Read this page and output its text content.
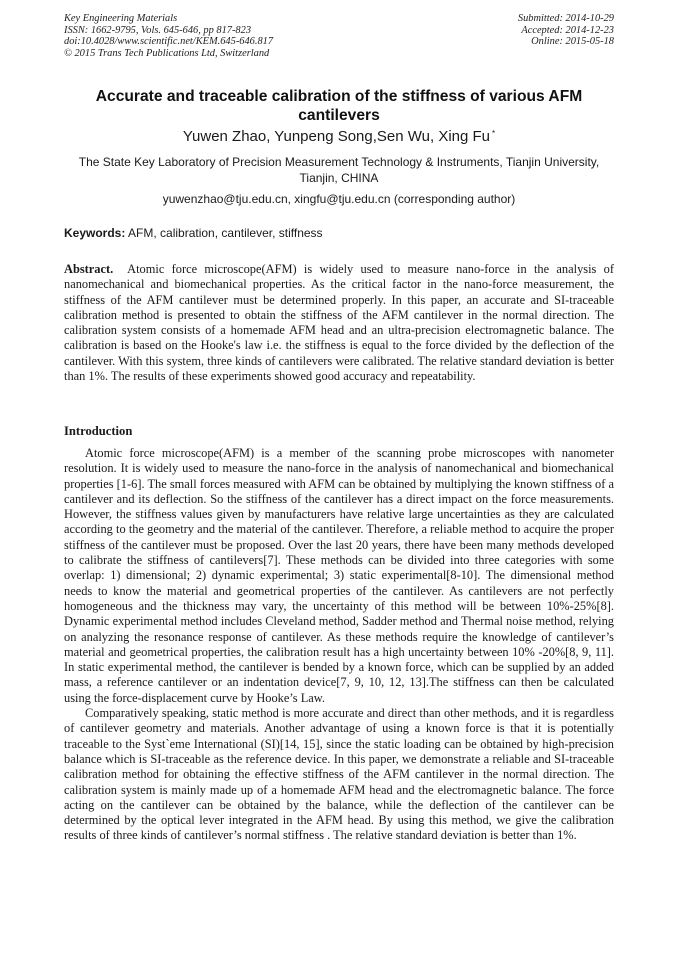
Key Engineering Materials
ISSN: 1662-9795, Vols. 645-646, pp 817-823
doi:10.4028/www.scientific.net/KEM.645-646.817
© 2015 Trans Tech Publications Ltd, Switzerland
Submitted: 2014-10-29
Accepted: 2014-12-23
Online: 2015-05-18
Accurate and traceable calibration of the stiffness of various AFM cantilevers
Yuwen Zhao, Yunpeng Song,Sen Wu, Xing Fu *
The State Key Laboratory of Precision Measurement Technology & Instruments, Tianjin University, Tianjin, CHINA
yuwenzhao@tju.edu.cn, xingfu@tju.edu.cn (corresponding author)
Keywords: AFM, calibration, cantilever, stiffness

Abstract. Atomic force microscope(AFM) is widely used to measure nano-force in the analysis of nanomechanical and biomechanical properties. As the critical factor in the nano-force measurement, the stiffness of the AFM cantilever must be determined properly. In this paper, an accurate and SI-traceable calibration method is presented to obtain the stiffness of the AFM cantilever in the normal direction. The calibration system consists of a homemade AFM head and an ultra-precision electromagnetic balance. The calibration is based on the Hooke's law i.e. the stiffness is equal to the force divided by the deflection of the cantilever. With this system, three kinds of cantilevers were calibrated. The relative standard deviation is better than 1%. The results of these experiments showed good accuracy and repeatability.

Introduction

Atomic force microscope(AFM) is a member of the scanning probe microscopes with nanometer resolution. It is widely used to measure the nano-force in the analysis of nanomechanical and biomechanical properties [1-6]. The small forces measured with AFM can be obtained by multiplying the known stiffness of a cantilever and its deflection. So the stiffness of the cantilever has a direct impact on the force measurements. However, the stiffness values given by manufacturers have relative large uncertainties as they are calculated according to the geometry and the material of the cantilever. Therefore, a reliable method to acquire the proper stiffness of the cantilever must be proposed. Over the last 20 years, there have been many methods developed to calibrate the stiffness of cantilevers[7]. These methods can be divided into three categories with some overlap: 1) dimensional; 2) dynamic experimental; 3) static experimental[8-10]. The dimensional method needs to know the material and geometrical properties of the cantilever. As cantilevers are not perfectly homogeneous and the thickness may vary, the uncertainty of this method will be between 10%-25%[8]. Dynamic experimental method includes Cleveland method, Sadder method and Thermal noise method, relying on analyzing the resonance response of cantilever. As these methods require the knowledge of cantilever’s material and geometrical properties, the calibration result has a high uncertainty between 10% -20%[8, 9, 11]. In static experimental method, the cantilever is bended by a known force, which can be supplied by an added mass, a reference cantilever or an indentation device[7, 9, 10, 12, 13].The stiffness can then be calculated using the force-displacement curve by Hooke’s Law.

Comparatively speaking, static method is more accurate and direct than other methods, and it is regardless of cantilever geometry and materials. Another advantage of using a known force is that it is potentially traceable to the Syst`eme International (SI)[14, 15], since the static loading can be obtained by high-precision balance which is SI-traceable as the reference device. In this paper, we demonstrate a reliable and SI-traceable calibration method for obtaining the effective stiffness of the AFM cantilever in the normal direction. The calibration system is mainly made up of a homemade AFM head and the electromagnetic balance. The force acting on the cantilever can be obtained by the balance, while the deflection of the cantilever can be determined by the optical lever integrated in the AFM head. By using this method, we give the calibration results of three kinds of cantilever’s normal stiffness . The relative standard deviation is better than 1%.
